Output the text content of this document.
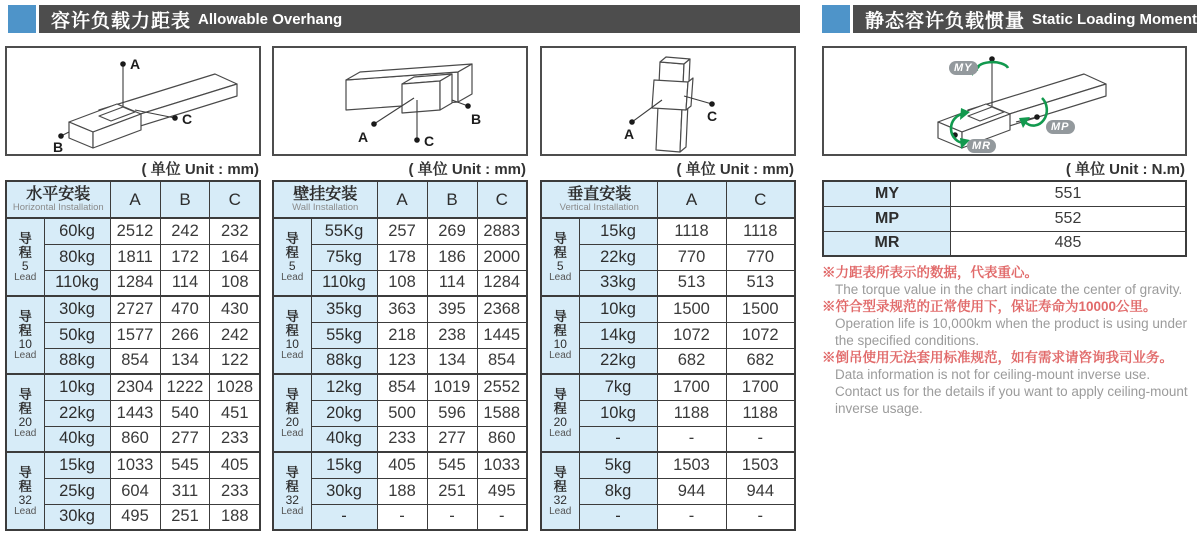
容许负载力距表 Allowable Overhang	静态容许负载惯量 Static Loading Moment
A
B
C
( 单位 Unit : mm)
水平安装
Horizontal Installation		A	B	C

导程
5
Lead	60kg	2512	242	232
	80kg	1811	172	164
	110kg	1284	114	108

导程
10
Lead	30kg	2727	470	430
	50kg	1577	266	242
	88kg	854	134	122

导程
20
Lead	10kg	2304	1222	1028
	22kg	1443	540	451
	40kg	860	277	233

导程
32
Lead	15kg	1033	545	405
	25kg	604	311	233
	30kg	495	251	188
A
B
C
( 单位 Unit : mm)
壁挂安装
Wall Installation		A	B	C

导程
5
Lead	55Kg	257	269	2883
	75kg	178	186	2000
	110kg	108	114	1284

导程
10
Lead	35kg	363	395	2368
	55kg	218	238	1445
	88kg	123	134	854

导程
20
Lead	12kg	854	1019	2552
	20kg	500	596	1588
	40kg	233	277	860

导程
32
Lead	15kg	405	545	1033
	30kg	188	251	495
	-	-	-	-
A
C
( 单位 Unit : mm)
垂直安装
Vertical Installation		A	C

导程
5
Lead	15kg	1118	1118
	22kg	770	770
	33kg	513	513

导程
10
Lead	10kg	1500	1500
	14kg	1072	1072
	22kg	682	682

导程
20
Lead	7kg	1700	1700
	10kg	1188	1188
	-	-	-

导程
32
Lead	5kg	1503	1503
	8kg	944	944
	-	-	-
MY
MP
MR
( 单位 Unit : N.m)
MY	551
MP	552
MR	485
※力距表所表示的数据，代表重心。
The torque value in the chart indicate the center of gravity.
※符合型录规范的正常使用下，保证寿命为10000公里。
Operation life is 10,000km when the product is using under the specified conditions.
※倒吊使用无法套用标准规范，如有需求请咨询我司业务。
Data information is not for ceiling-mount inverse use. Contact us for the details if you want to apply ceiling-mount inverse usage.
